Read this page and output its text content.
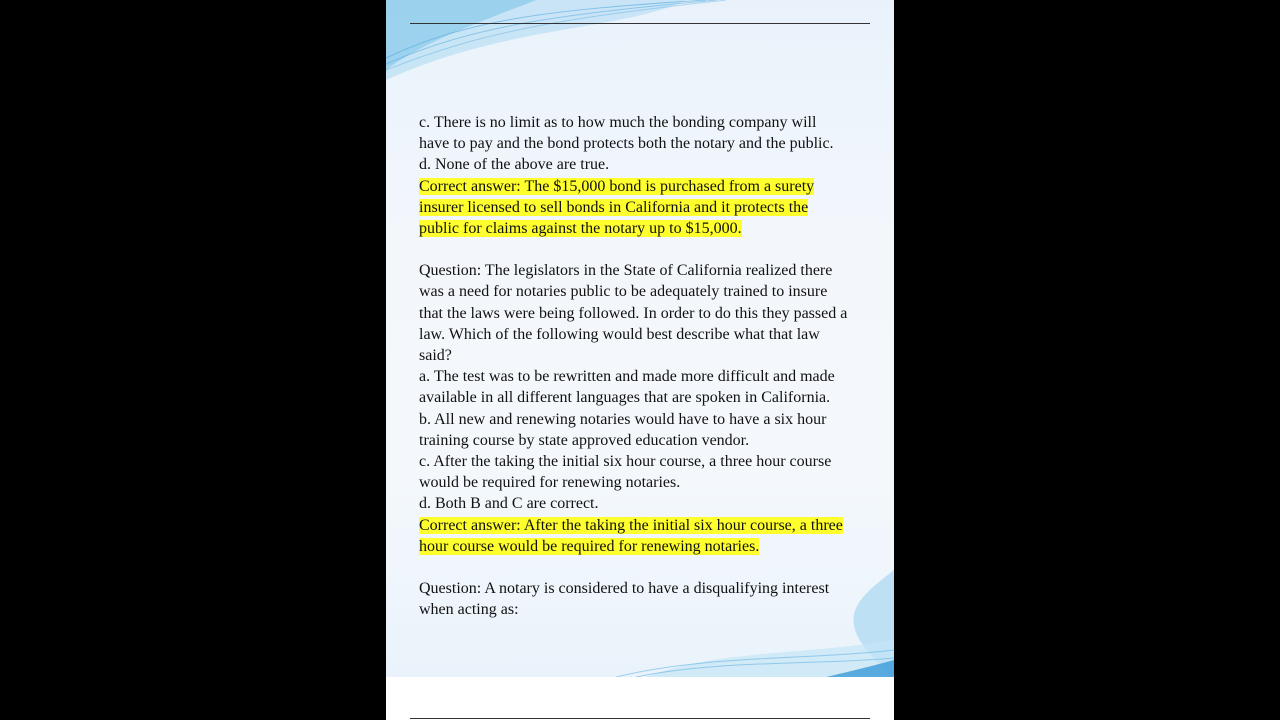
c. There is no limit as to how much the bonding company will have to pay and the bond protects both the notary and the public.

d. None of the above are true.

Correct answer: The $15,000 bond is purchased from a surety insurer licensed to sell bonds in California and it protects the public for claims against the notary up to $15,000.

Question: The legislators in the State of California realized there was a need for notaries public to be adequately trained to insure that the laws were being followed. In order to do this they passed a law. Which of the following would best describe what that law said?

a. The test was to be rewritten and made more difficult and made available in all different languages that are spoken in California.

b. All new and renewing notaries would have to have a six hour training course by state approved education vendor.

c. After the taking the initial six hour course, a three hour course would be required for renewing notaries.

d. Both B and C are correct.

Correct answer: After the taking the initial six hour course, a three hour course would be required for renewing notaries.

Question: A notary is considered to have a disqualifying interest when acting as:
